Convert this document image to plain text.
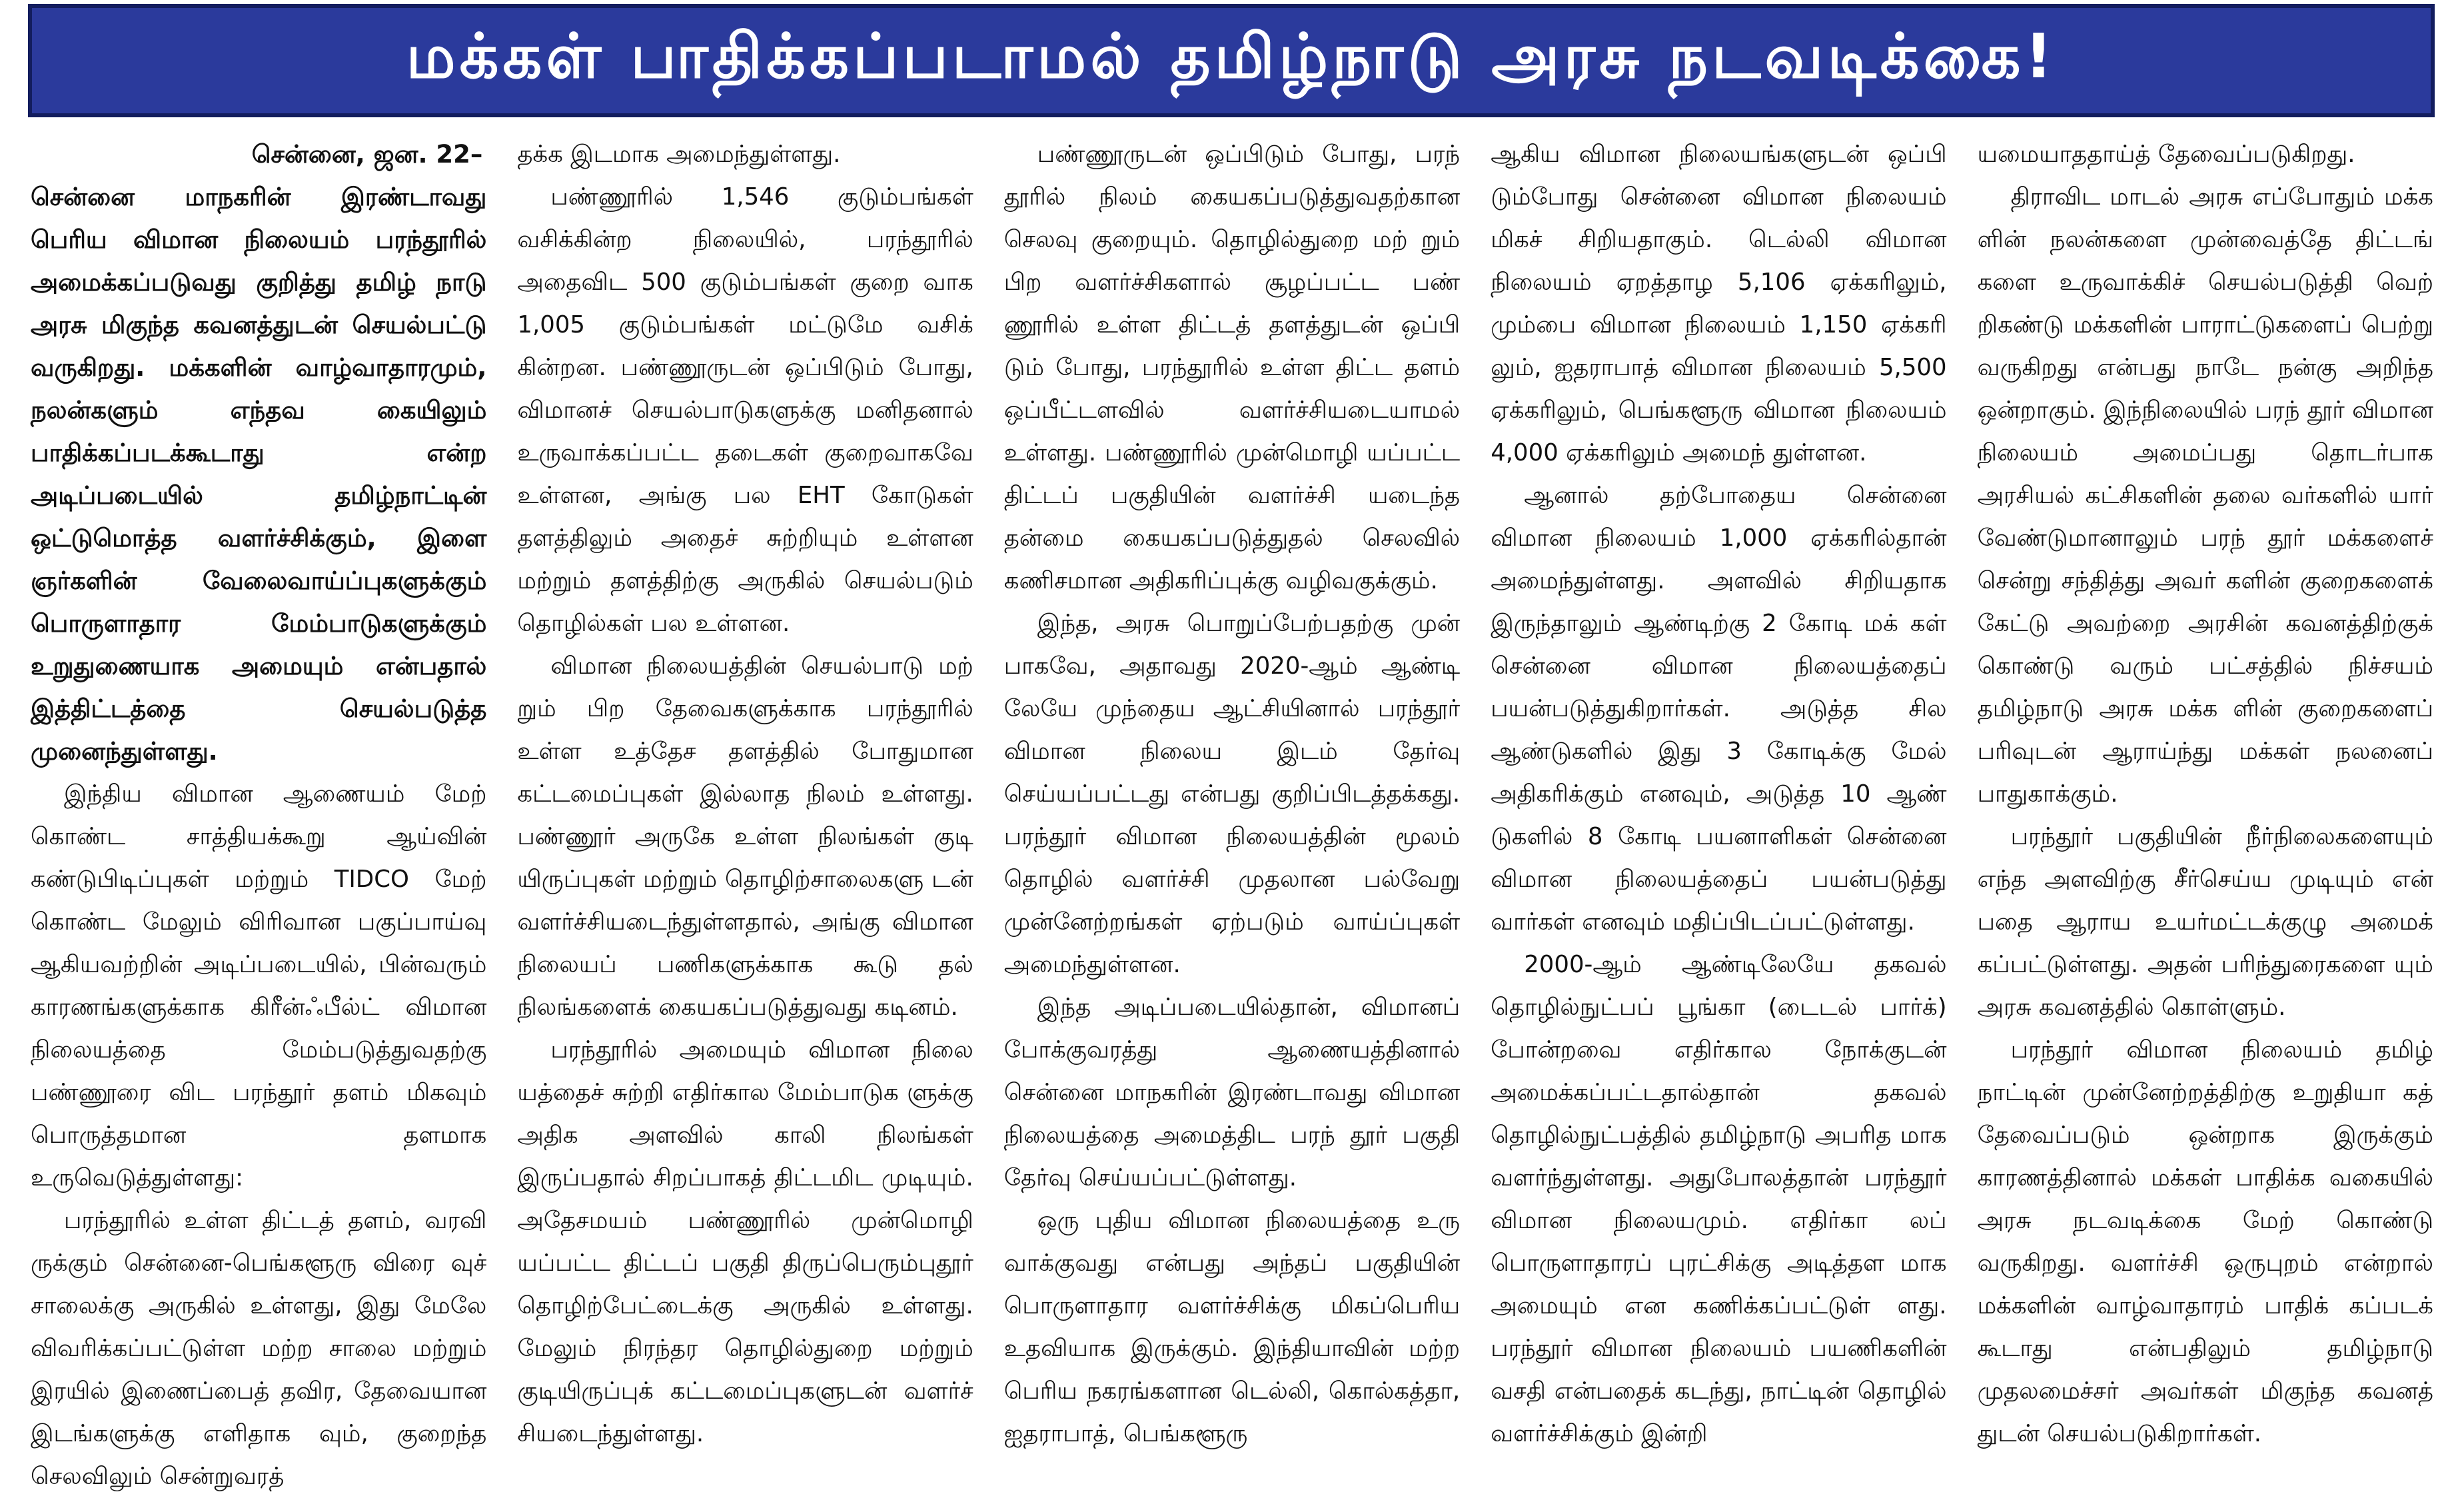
மக்கள் பாதிக்கப்படாமல் தமிழ்நாடு அரசு நடவடிக்கை!
சென்னை, ஜன. 22–

சென்னை மாநகரின் இரண்டாவது பெரிய விமான நிலையம் பரந்தூரில் அமைக்கப்படுவது குறித்து தமிழ் நாடு அரசு மிகுந்த கவனத்துடன் செயல்பட்டு வருகிறது. மக்களின் வாழ்வாதாரமும், நலன்களும் எந்தவ கையிலும் பாதிக்கப்படக்கூடாது என்ற அடிப்படையில் தமிழ்நாட்டின் ஒட்டுமொத்த வளர்ச்சிக்கும், இளை ஞர்களின் வேலைவாய்ப்புகளுக்கும் பொருளாதார மேம்பாடுகளுக்கும் உறுதுணையாக அமையும் என்பதால் இத்திட்டத்தை செயல்படுத்த முனைந்துள்ளது.

இந்திய விமான ஆணையம் மேற் கொண்ட சாத்தியக்கூறு ஆய்வின் கண்டுபிடிப்புகள் மற்றும் TIDCO மேற் கொண்ட மேலும் விரிவான பகுப்பாய்வு ஆகியவற்றின் அடிப்படையில், பின்வரும் காரணங்களுக்காக கிரீன்ஃபீல்ட் விமான நிலையத்தை மேம்படுத்துவதற்கு பண்ணூரை விட பரந்தூர் தளம் மிகவும் பொருத்தமான தளமாக உருவெடுத்துள்ளது:

பரந்தூரில் உள்ள திட்டத் தளம், வரவி ருக்கும் சென்னை-பெங்களூரு விரை வுச் சாலைக்கு அருகில் உள்ளது, இது மேலே விவரிக்கப்பட்டுள்ள மற்ற சாலை மற்றும் இரயில் இணைப்பைத் தவிர, தேவையான இடங்களுக்கு எளிதாக வும், குறைந்த செலவிலும் சென்றுவரத்

தக்க இடமாக அமைந்துள்ளது.

பண்ணூரில் 1,546 குடும்பங்கள் வசிக்கின்ற நிலையில், பரந்தூரில் அதைவிட 500 குடும்பங்கள் குறை வாக 1,005 குடும்பங்கள் மட்டுமே வசிக் கின்றன. பண்ணூருடன் ஒப்பிடும் போது, விமானச் செயல்பாடுகளுக்கு மனிதனால் உருவாக்கப்பட்ட தடைகள் குறைவாகவே உள்ளன, அங்கு பல EHT கோடுகள் தளத்திலும் அதைச் சுற்றியும் உள்ளன மற்றும் தளத்திற்கு அருகில் செயல்படும் தொழில்கள் பல உள்ளன.

விமான நிலையத்தின் செயல்பாடு மற் றும் பிற தேவைகளுக்காக பரந்தூரில் உள்ள உத்தேச தளத்தில் போதுமான கட்டமைப்புகள் இல்லாத நிலம் உள்ளது. பண்ணூர் அருகே உள்ள நிலங்கள் குடி யிருப்புகள் மற்றும் தொழிற்சாலைகளு டன் வளர்ச்சியடைந்துள்ளதால், அங்கு விமான நிலையப் பணிகளுக்காக கூடு தல் நிலங்களைக் கையகப்படுத்துவது கடினம்.

பரந்தூரில் அமையும் விமான நிலை யத்தைச் சுற்றி எதிர்கால மேம்பாடுக ளுக்கு அதிக அளவில் காலி நிலங்கள் இருப்பதால் சிறப்பாகத் திட்டமிட முடியும். அதேசமயம் பண்ணூரில் முன்மொழி யப்பட்ட திட்டப் பகுதி திருப்பெரும்புதூர் தொழிற்பேட்டைக்கு அருகில் உள்ளது. மேலும் நிரந்தர தொழில்துறை மற்றும் குடியிருப்புக் கட்டமைப்புகளுடன் வளர்ச் சியடைந்துள்ளது.

பண்ணூருடன் ஒப்பிடும் போது, பரந் தூரில் நிலம் கையகப்படுத்துவதற்கான செலவு குறையும். தொழில்துறை மற் றும் பிற வளர்ச்சிகளால் சூழப்பட்ட பண் ணூரில் உள்ள திட்டத் தளத்துடன் ஒப்பி டும் போது, பரந்தூரில் உள்ள திட்ட தளம் ஒப்பீட்டளவில் வளர்ச்சியடையாமல் உள்ளது. பண்ணூரில் முன்மொழி யப்பட்ட திட்டப் பகுதியின் வளர்ச்சி யடைந்த தன்மை கையகப்படுத்துதல் செலவில் கணிசமான அதிகரிப்புக்கு வழிவகுக்கும்.

இந்த, அரசு பொறுப்பேற்பதற்கு முன் பாகவே, அதாவது 2020-ஆம் ஆண்டி லேயே முந்தைய ஆட்சியினால் பரந்தூர் விமான நிலைய இடம் தேர்வு செய்யப்பட்டது என்பது குறிப்பிடத்தக்கது. பரந்தூர் விமான நிலையத்தின் மூலம் தொழில் வளர்ச்சி முதலான பல்வேறு முன்னேற்றங்கள் ஏற்படும் வாய்ப்புகள் அமைந்துள்ளன.

இந்த அடிப்படையில்தான், விமானப் போக்குவரத்து ஆணையத்தினால் சென்னை மாநகரின் இரண்டாவது விமான நிலையத்தை அமைத்திட பரந் தூர் பகுதி தேர்வு செய்யப்பட்டுள்ளது.

ஒரு புதிய விமான நிலையத்தை உரு வாக்குவது என்பது அந்தப் பகுதியின் பொருளாதார வளர்ச்சிக்கு மிகப்பெரிய உதவியாக இருக்கும். இந்தியாவின் மற்ற பெரிய நகரங்களான டெல்லி, கொல்கத்தா, ஐதராபாத், பெங்களூரு

ஆகிய விமான நிலையங்களுடன் ஒப்பி டும்போது சென்னை விமான நிலையம் மிகச் சிறியதாகும். டெல்லி விமான நிலையம் ஏறத்தாழ 5,106 ஏக்கரிலும், மும்பை விமான நிலையம் 1,150 ஏக்கரி லும், ஐதராபாத் விமான நிலையம் 5,500 ஏக்கரிலும், பெங்களூரு விமான நிலையம் 4,000 ஏக்கரிலும் அமைந் துள்ளன.

ஆனால் தற்போதைய சென்னை விமான நிலையம் 1,000 ஏக்கரில்தான் அமைந்துள்ளது. அளவில் சிறியதாக இருந்தாலும் ஆண்டிற்கு 2 கோடி மக் கள் சென்னை விமான நிலையத்தைப் பயன்படுத்துகிறார்கள். அடுத்த சில ஆண்டுகளில் இது 3 கோடிக்கு மேல் அதிகரிக்கும் எனவும், அடுத்த 10 ஆண் டுகளில் 8 கோடி பயனாளிகள் சென்னை விமான நிலையத்தைப் பயன்படுத்து வார்கள் எனவும் மதிப்பிடப்பட்டுள்ளது.

2000-ஆம் ஆண்டிலேயே தகவல் தொழில்நுட்பப் பூங்கா (டைடல் பார்க்) போன்றவை எதிர்கால நோக்குடன் அமைக்கப்பட்டதால்தான் தகவல் தொழில்நுட்பத்தில் தமிழ்நாடு அபரித மாக வளர்ந்துள்ளது. அதுபோலத்தான் பரந்தூர் விமான நிலையமும். எதிர்கா லப் பொருளாதாரப் புரட்சிக்கு அடித்தள மாக அமையும் என கணிக்கப்பட்டுள் ளது. பரந்தூர் விமான நிலையம் பயணிகளின் வசதி என்பதைக் கடந்து, நாட்டின் தொழில் வளர்ச்சிக்கும் இன்றி

யமையாததாய்த் தேவைப்படுகிறது.

திராவிட மாடல் அரசு எப்போதும் மக்க ளின் நலன்களை முன்வைத்தே திட்டங் களை உருவாக்கிச் செயல்படுத்தி வெற் றிகண்டு மக்களின் பாராட்டுகளைப் பெற்று வருகிறது என்பது நாடே நன்கு அறிந்த ஒன்றாகும். இந்நிலையில் பரந் தூர் விமான நிலையம் அமைப்பது தொடர்பாக அரசியல் கட்சிகளின் தலை வர்களில் யார் வேண்டுமானாலும் பரந் தூர் மக்களைச் சென்று சந்தித்து அவர் களின் குறைகளைக் கேட்டு அவற்றை அரசின் கவனத்திற்குக் கொண்டு வரும் பட்சத்தில் நிச்சயம் தமிழ்நாடு அரசு மக்க ளின் குறைகளைப் பரிவுடன் ஆராய்ந்து மக்கள் நலனைப் பாதுகாக்கும்.

பரந்தூர் பகுதியின் நீர்நிலைகளையும் எந்த அளவிற்கு சீர்செய்ய முடியும் என் பதை ஆராய உயர்மட்டக்குழு அமைக் கப்பட்டுள்ளது. அதன் பரிந்துரைகளை யும் அரசு கவனத்தில் கொள்ளும்.

பரந்தூர் விமான நிலையம் தமிழ் நாட்டின் முன்னேற்றத்திற்கு உறுதியா கத் தேவைப்படும் ஒன்றாக இருக்கும் காரணத்தினால் மக்கள் பாதிக்க வகையில் அரசு நடவடிக்கை மேற் கொண்டு வருகிறது. வளர்ச்சி ஒருபுறம் என்றால் மக்களின் வாழ்வாதாரம் பாதிக் கப்படக் கூடாது என்பதிலும் தமிழ்நாடு முதலமைச்சர் அவர்கள் மிகுந்த கவனத் துடன் செயல்படுகிறார்கள்.
